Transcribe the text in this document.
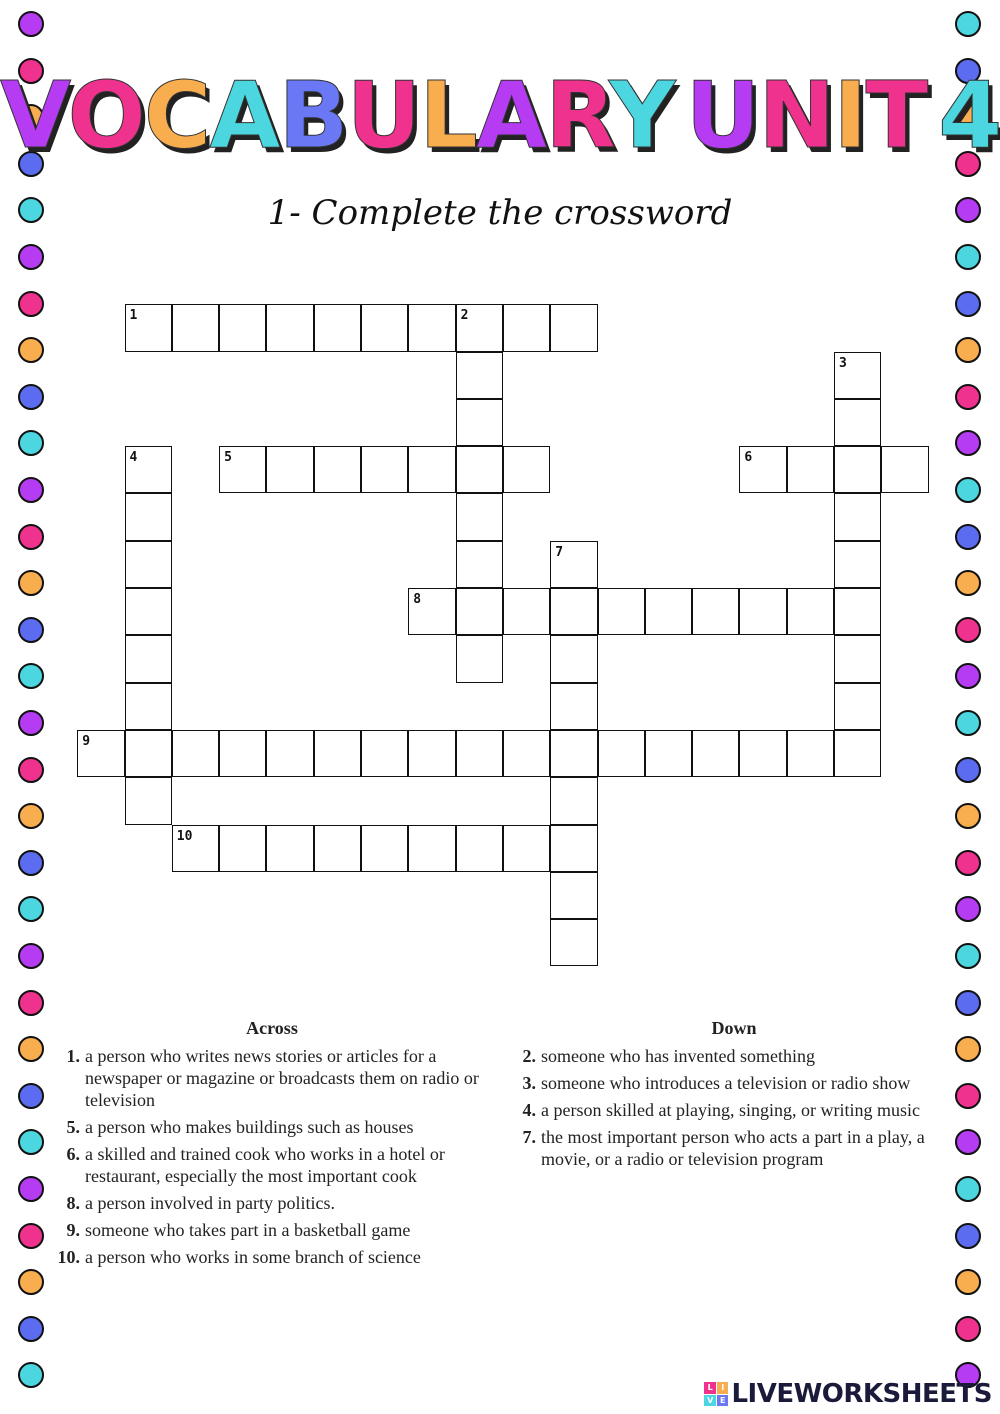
VOCABULARY UNIT 4
1- Complete the crossword
1	2
3
4	5	6
7
8
9
10
Across
1. a person who writes news stories or articles for a newspaper or magazine or broadcasts them on radio or television
5. a person who makes buildings such as houses
6. a skilled and trained cook who works in a hotel or restaurant, especially the most important cook
8. a person involved in party politics.
9. someone who takes part in a basketball game
10. a person who works in some branch of science
Down
2. someone who has invented something
3. someone who introduces a television or radio show
4. a person skilled at playing, singing, or writing music
7. the most important person who acts a part in a play, a movie, or a radio or television program
L	I
V E LIVEWORKSHEETS
